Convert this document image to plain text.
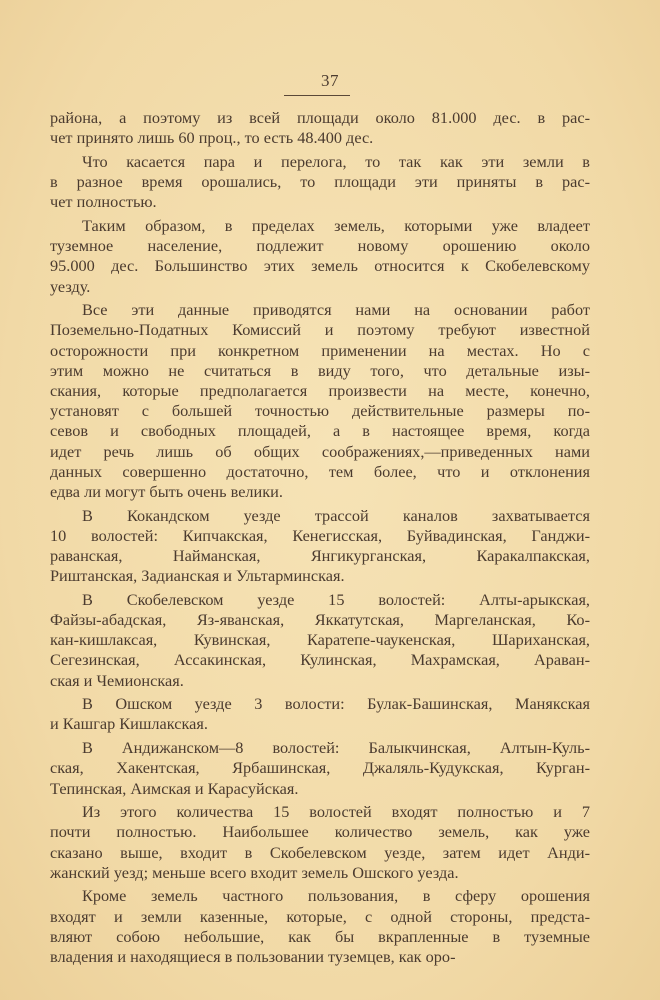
37
района, а поэтому из всей площади около 81.000 дес. в рас-
чет принято лишь 60 проц., то есть 48.400 дес.
Что касается пара и перелога, то так как эти земли в
в разное время орошались, то площади эти приняты в рас-
чет полностью.
Таким образом, в пределах земель, которыми уже владеет
туземное население, подлежит новому орошению около
95.000 дес. Большинство этих земель относится к Скобелевскому
уезду.
Все эти данные приводятся нами на основании работ
Поземельно-Податных Комиссий и поэтому требуют известной
осторожности при конкретном применении на местах. Но с
этим можно не считаться в виду того, что детальные изы-
скания, которые предполагается произвести на месте, конечно,
установят с большей точностью действительные размеры по-
севов и свободных площадей, а в настоящее время, когда
идет речь лишь об общих соображениях,—приведенных нами
данных совершенно достаточно, тем более, что и отклонения
едва ли могут быть очень велики.
В Кокандском уезде трассой каналов захватывается
10 волостей: Кипчакская, Кенегисская, Буйвадинская, Ганджи-
раванская, Найманская, Янгикурганская, Каракалпакская,
Риштанская, Задианская и Ультарминская.
В Скобелевском уезде 15 волостей: Алты-арыкская,
Файзы-абадская, Яз-яванская, Яккатутская, Маргеланская, Ко-
кан-кишлаксая, Кувинская, Каратепе-чаукенская, Шариханская,
Сегезинская, Ассакинская, Кулинская, Махрамская, Араван-
ская и Чемионская.
В Ошском уезде 3 волости: Булак-Башинская, Манякская
и Кашгар Кишлакская.
В Андижанском—8 волостей: Балыкчинская, Алтын-Куль-
ская, Хакентская, Ярбашинская, Джаляль-Кудукская, Курган-
Тепинская, Аимская и Карасуйская.
Из этого количества 15 волостей входят полностью и 7
почти полностью. Наибольшее количество земель, как уже
сказано выше, входит в Скобелевском уезде, затем идет Анди-
жанский уезд; меньше всего входит земель Ошского уезда.
Кроме земель частного пользования, в сферу орошения
входят и земли казенные, которые, с одной стороны, предста-
вляют собою небольшие, как бы вкрапленные в туземные
владения и находящиеся в пользовании туземцев, как оро-
